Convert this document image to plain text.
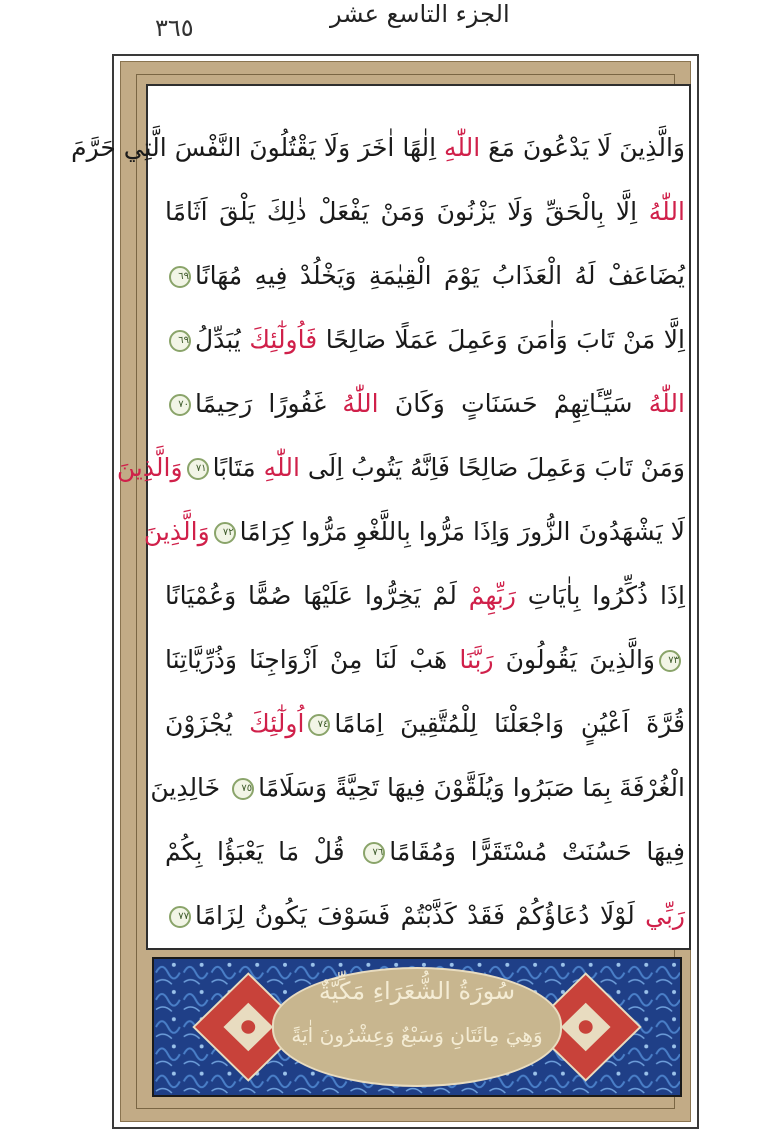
٣٦٥	الجزء التاسع عشر
وَالَّذِينَ لَا يَدْعُونَ مَعَ اللّٰهِ اِلٰهًا اٰخَرَ وَلَا يَقْتُلُونَ النَّفْسَ الَّتِي حَرَّمَ
اللّٰهُ اِلَّا بِالْحَقِّ وَلَا يَزْنُونَ وَمَنْ يَفْعَلْ ذٰلِكَ يَلْقَ اَثَامًا
يُضَاعَفْ لَهُ الْعَذَابُ يَوْمَ الْقِيٰمَةِ وَيَخْلُدْ فِيهِ مُهَانًا٦٩
اِلَّا مَنْ تَابَ وَاٰمَنَ وَعَمِلَ عَمَلًا صَالِحًا فَاُولٰٓئِكَ يُبَدِّلُ٦٩
اللّٰهُ سَيِّـَٔاتِهِمْ حَسَنَاتٍ وَكَانَ اللّٰهُ غَفُورًا رَحِيمًا٧٠
وَمَنْ تَابَ وَعَمِلَ صَالِحًا فَاِنَّهُ يَتُوبُ اِلَى اللّٰهِ مَتَابًا٧١وَالَّذِينَ
لَا يَشْهَدُونَ الزُّورَ وَاِذَا مَرُّوا بِاللَّغْوِ مَرُّوا كِرَامًا٧٢وَالَّذِينَ
اِذَا ذُكِّرُوا بِاٰيَاتِ رَبِّهِمْ لَمْ يَخِرُّوا عَلَيْهَا صُمًّا وَعُمْيَانًا
٧٣وَالَّذِينَ يَقُولُونَ رَبَّنَا هَبْ لَنَا مِنْ اَزْوَاجِنَا وَذُرِّيَّاتِنَا
قُرَّةَ اَعْيُنٍ وَاجْعَلْنَا لِلْمُتَّقِينَ اِمَامًا٧٤اُولٰٓئِكَ يُجْزَوْنَ
الْغُرْفَةَ بِمَا صَبَرُوا وَيُلَقَّوْنَ فِيهَا تَحِيَّةً وَسَلَامًا٧٥ خَالِدِينَ
فِيهَا حَسُنَتْ مُسْتَقَرًّا وَمُقَامًا٧٦ قُلْ مَا يَعْبَؤُا بِكُمْ
رَبِّي لَوْلَا دُعَاؤُكُمْ فَقَدْ كَذَّبْتُمْ فَسَوْفَ يَكُونُ لِزَامًا٧٧
سُورَةُ الشُّعَرَاءِ مَكِّيَّةٌ
وَهِيَ مِائَتَانِ وَسَبْعٌ وَعِشْرُونَ اٰيَةً
